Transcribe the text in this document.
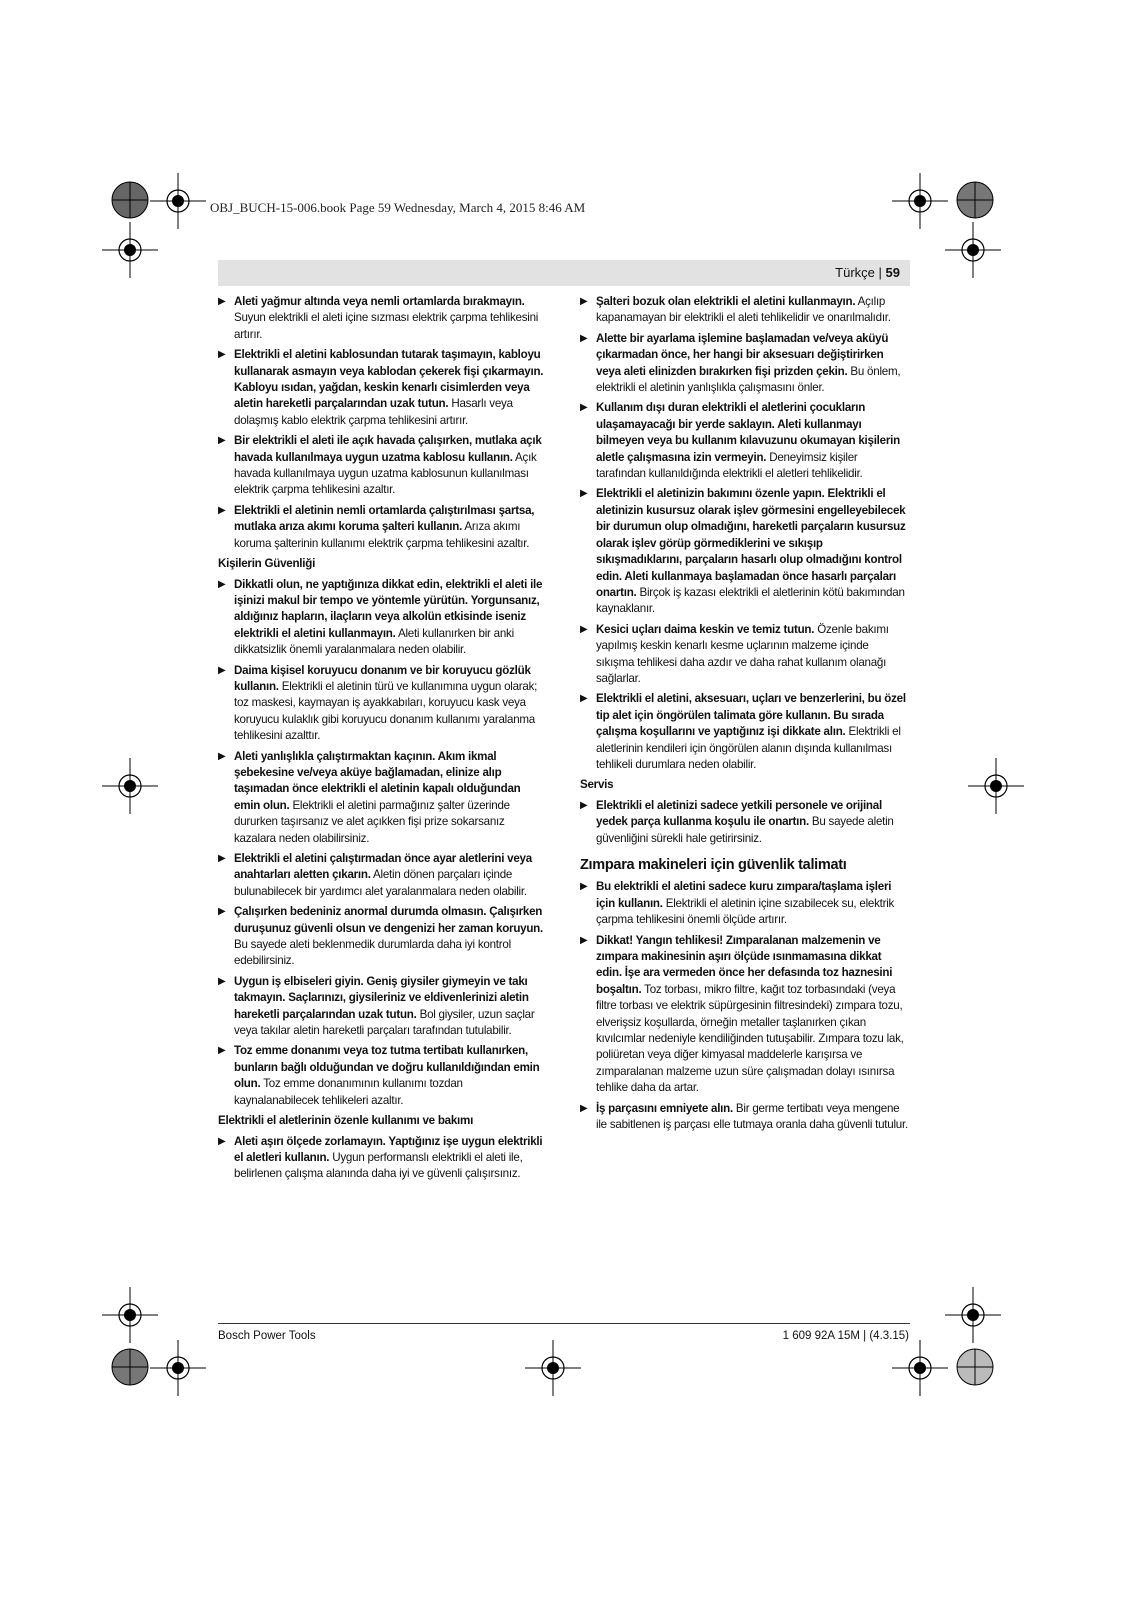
OBJ_BUCH-15-006.book Page 59 Wednesday, March 4, 2015 8:46 AM
Türkçe | 59
▶ Aleti yağmur altında veya nemli ortamlarda bırakmayın. Suyun elektrikli el aleti içine sızması elektrik çarpma tehlikesini artırır.
▶ Elektrikli el aletini kablosundan tutarak taşımayın, kabloyu kullanarak asmayın veya kablodan çekerek fişi çıkarmayın. Kabloyu ısıdan, yağdan, keskin kenarlı cisimlerden veya aletin hareketli parçalarından uzak tutun. Hasarlı veya dolaşmış kablo elektrik çarpma tehlikesini artırır.
▶ Bir elektrikli el aleti ile açık havada çalışırken, mutlaka açık havada kullanılmaya uygun uzatma kablosu kullanın. Açık havada kullanılmaya uygun uzatma kablosunun kullanılması elektrik çarpma tehlikesini azaltır.
▶ Elektrikli el aletinin nemli ortamlarda çalıştırılması şartsa, mutlaka arıza akımı koruma şalteri kullanın. Arıza akımı koruma şalterinin kullanımı elektrik çarpma tehlikesini azaltır.
Kişilerin Güvenliği
▶ Dikkatli olun, ne yaptığınıza dikkat edin, elektrikli el aleti ile işinizi makul bir tempo ve yöntemle yürütün. Yorgunsanız, aldığınız hapların, ilaçların veya alkolün etkisinde iseniz elektrikli el aletini kullanmayın. Aleti kullanırken bir anki dikkatsizlik önemli yaralanmalara neden olabilir.
▶ Daima kişisel koruyucu donanım ve bir koruyucu gözlük kullanın. Elektrikli el aletinin türü ve kullanımına uygun olarak; toz maskesi, kaymayan iş ayakkabıları, koruyucu kask veya koruyucu kulaklık gibi koruyucu donanım kullanımı yaralanma tehlikesini azalttır.
▶ Aleti yanlışlıkla çalıştırmaktan kaçının. Akım ikmal şebekesine ve/veya aküye bağlamadan, elinize alıp taşımadan önce elektrikli el aletinin kapalı olduğundan emin olun. Elektrikli el aletini parmağınız şalter üzerinde dururken taşırsanız ve alet açıkken fişi prize sokarsanız kazalara neden olabilirsiniz.
▶ Elektrikli el aletini çalıştırmadan önce ayar aletlerini veya anahtarları aletten çıkarın. Aletin dönen parçaları içinde bulunabilecek bir yardımcı alet yaralanmalara neden olabilir.
▶ Çalışırken bedeniniz anormal durumda olmasın. Çalışırken duruşunuz güvenli olsun ve dengenizi her zaman koruyun. Bu sayede aleti beklenmedik durumlarda daha iyi kontrol edebilirsiniz.
▶ Uygun iş elbiseleri giyin. Geniş giysiler giymeyin ve takı takmayın. Saçlarınızı, giysileriniz ve eldivenlerinizi aletin hareketli parçalarından uzak tutun. Bol giysiler, uzun saçlar veya takılar aletin hareketli parçaları tarafından tutulabilir.
▶ Toz emme donanımı veya toz tutma tertibatı kullanırken, bunların bağlı olduğundan ve doğru kullanıldığından emin olun. Toz emme donanımının kullanımı tozdan kaynalanabilecek tehlikeleri azaltır.
Elektrikli el aletlerinin özenle kullanımı ve bakımı
▶ Aleti aşırı ölçede zorlamayın. Yaptığınız işe uygun elektrikli el aletleri kullanın. Uygun performanslı elektrikli el aleti ile, belirlenen çalışma alanında daha iyi ve güvenli çalışırsınız.
▶ Şalteri bozuk olan elektrikli el aletini kullanmayın. Açılıp kapanamayan bir elektrikli el aleti tehlikelidir ve onarılmalıdır.
▶ Alette bir ayarlama işlemine başlamadan ve/veya aküyü çıkarmadan önce, her hangi bir aksesuarı değiştirirken veya aleti elinizden bırakırken fişi prizden çekin. Bu önlem, elektrikli el aletinin yanlışlıkla çalışmasını önler.
▶ Kullanım dışı duran elektrikli el aletlerini çocukların ulaşamayacağı bir yerde saklayın. Aleti kullanmayı bilmeyen veya bu kullanım kılavuzunu okumayan kişilerin aletle çalışmasına izin vermeyin. Deneyimsiz kişiler tarafından kullanıldığında elektrikli el aletleri tehlikelidir.
▶ Elektrikli el aletinizin bakımını özenle yapın. Elektrikli el aletinizin kusursuz olarak işlev görmesini engelleyebilecek bir durumun olup olmadığını, hareketli parçaların kusursuz olarak işlev görüp görmediklerini ve sıkışıp sıkışmadıklarını, parçaların hasarlı olup olmadığını kontrol edin. Aleti kullanmaya başlamadan önce hasarlı parçaları onartın. Birçok iş kazası elektrikli el aletlerinin kötü bakımından kaynaklanır.
▶ Kesici uçları daima keskin ve temiz tutun. Özenle bakımı yapılmış keskin kenarlı kesme uçlarının malzeme içinde sıkışma tehlikesi daha azdır ve daha rahat kullanım olanağı sağlarlar.
▶ Elektrikli el aletini, aksesuarı, uçları ve benzerlerini, bu özel tip alet için öngörülen talimata göre kullanın. Bu sırada çalışma koşullarını ve yaptığınız işi dikkate alın. Elektrikli el aletlerinin kendileri için öngörülen alanın dışında kullanılması tehlikeli durumlara neden olabilir.
Servis
▶ Elektrikli el aletinizi sadece yetkili personele ve orijinal yedek parça kullanma koşulu ile onartın. Bu sayede aletin güvenliğini sürekli hale getirirsiniz.
Zımpara makineleri için güvenlik talimatı
▶ Bu elektrikli el aletini sadece kuru zımpara/taşlama işleri için kullanın. Elektrikli el aletinin içine sızabilecek su, elektrik çarpma tehlikesini önemli ölçüde artırır.
▶ Dikkat! Yangın tehlikesi! Zımparalanan malzemenin ve zımpara makinesinin aşırı ölçüde ısınmamasına dikkat edin. İşe ara vermeden önce her defasında toz haznesini boşaltın. Toz torbası, mikro filtre, kağıt toz torbasındaki (veya filtre torbası ve elektrik süpürgesinin filtresindeki) zımpara tozu, elverişsiz koşullarda, örneğin metaller taşlanırken çıkan kıvılcımlar nedeniyle kendiliğinden tutuşabilir. Zımpara tozu lak, poliüretan veya diğer kimyasal maddelerle karışırsa ve zımparalanan malzeme uzun süre çalışmadan dolayı ısınırsa tehlike daha da artar.
▶ İş parçasını emniyete alın. Bir germe tertibatı veya mengene ile sabitlenen iş parçası elle tutmaya oranla daha güvenli tutulur.
Bosch Power Tools	1 609 92A 15M | (4.3.15)
